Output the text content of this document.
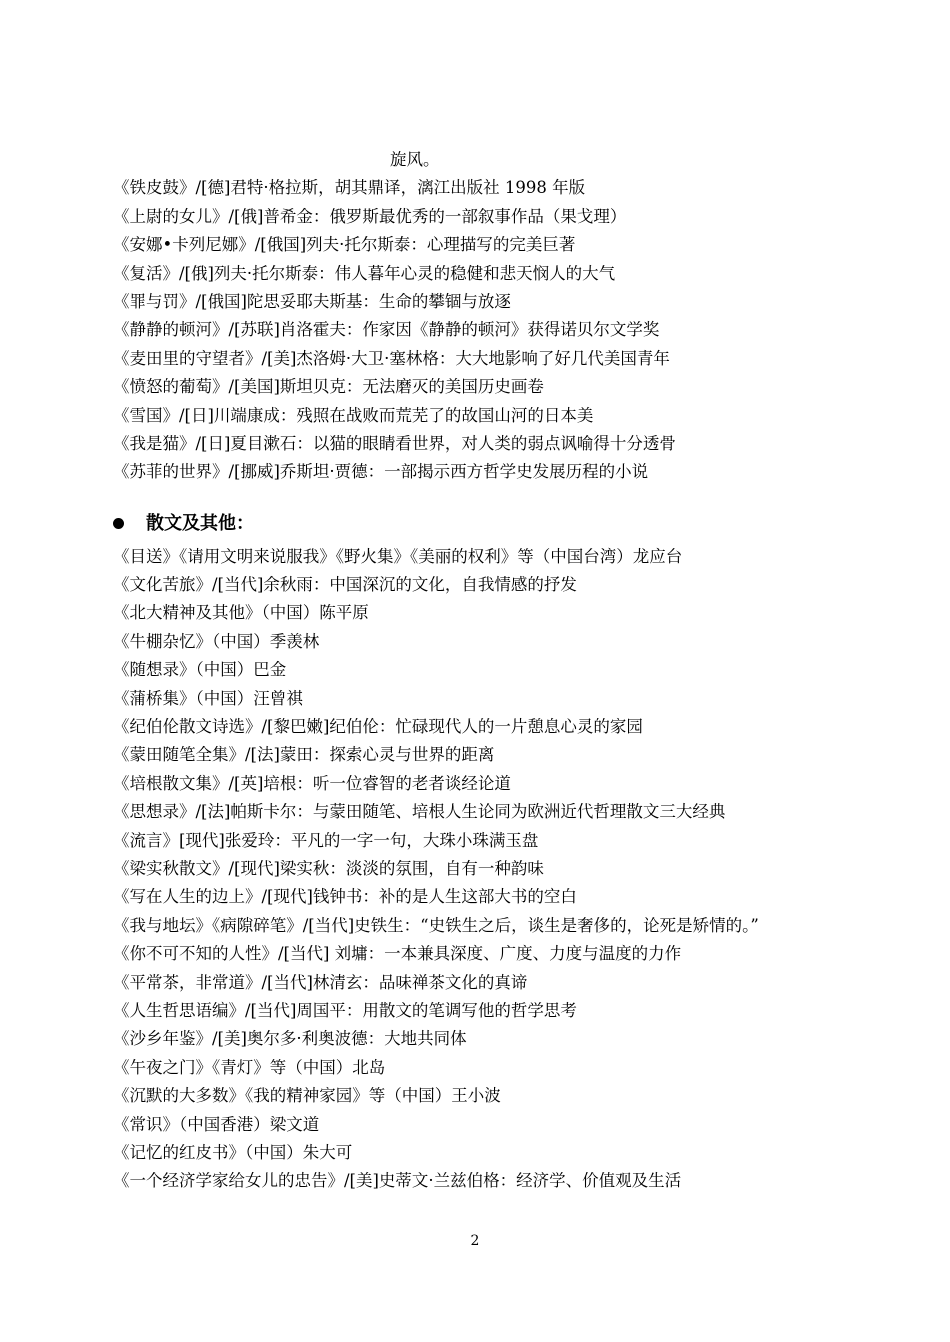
旋风。
《铁皮鼓》/[德]君特·格拉斯，胡其鼎译，漓江出版社 1998 年版
《上尉的女儿》/[俄]普希金：俄罗斯最优秀的一部叙事作品（果戈理）
《安娜•卡列尼娜》/[俄国]列夫·托尔斯泰：心理描写的完美巨著
《复活》/[俄]列夫·托尔斯泰：伟人暮年心灵的稳健和悲天悯人的大气
《罪与罚》/[俄国]陀思妥耶夫斯基：生命的攀锢与放逐
《静静的顿河》/[苏联]肖洛霍夫：作家因《静静的顿河》获得诺贝尔文学奖
《麦田里的守望者》/[美]杰洛姆·大卫·塞林格：大大地影响了好几代美国青年
《愤怒的葡萄》/[美国]斯坦贝克：无法磨灭的美国历史画卷
《雪国》/[日]川端康成：残照在战败而荒芜了的故国山河的日本美
《我是猫》/[日]夏目漱石：以猫的眼睛看世界，对人类的弱点讽喻得十分透骨
《苏菲的世界》/[挪威]乔斯坦·贾德：一部揭示西方哲学史发展历程的小说
散文及其他：
《目送》《请用文明来说服我》《野火集》《美丽的权利》等（中国台湾）龙应台
《文化苦旅》/[当代]余秋雨：中国深沉的文化，自我情感的抒发
《北大精神及其他》（中国）陈平原
《牛棚杂忆》（中国）季羡林
《随想录》（中国）巴金
《蒲桥集》（中国）汪曾祺
《纪伯伦散文诗选》/[黎巴嫩]纪伯伦：忙碌现代人的一片憩息心灵的家园
《蒙田随笔全集》/[法]蒙田：探索心灵与世界的距离
《培根散文集》/[英]培根：听一位睿智的老者谈经论道
《思想录》/[法]帕斯卡尔：与蒙田随笔、培根人生论同为欧洲近代哲理散文三大经典
《流言》[现代]张爱玲：平凡的一字一句，大珠小珠满玉盘
《梁实秋散文》/[现代]梁实秋：淡淡的氛围，自有一种韵味
《写在人生的边上》/[现代]钱钟书：补的是人生这部大书的空白
《我与地坛》《病隙碎笔》/[当代]史铁生：“史铁生之后，谈生是奢侈的，论死是矫情的。”
《你不可不知的人性》/[当代] 刘墉：一本兼具深度、广度、力度与温度的力作
《平常茶，非常道》/[当代]林清玄：品味禅茶文化的真谛
《人生哲思语编》/[当代]周国平：用散文的笔调写他的哲学思考
《沙乡年鉴》/[美]奥尔多·利奥波德：大地共同体
《午夜之门》《青灯》等（中国）北岛
《沉默的大多数》《我的精神家园》等（中国）王小波
《常识》（中国香港）梁文道
《记忆的红皮书》（中国）朱大可
《一个经济学家给女儿的忠告》/[美]史蒂文·兰兹伯格：经济学、价值观及生活
2
